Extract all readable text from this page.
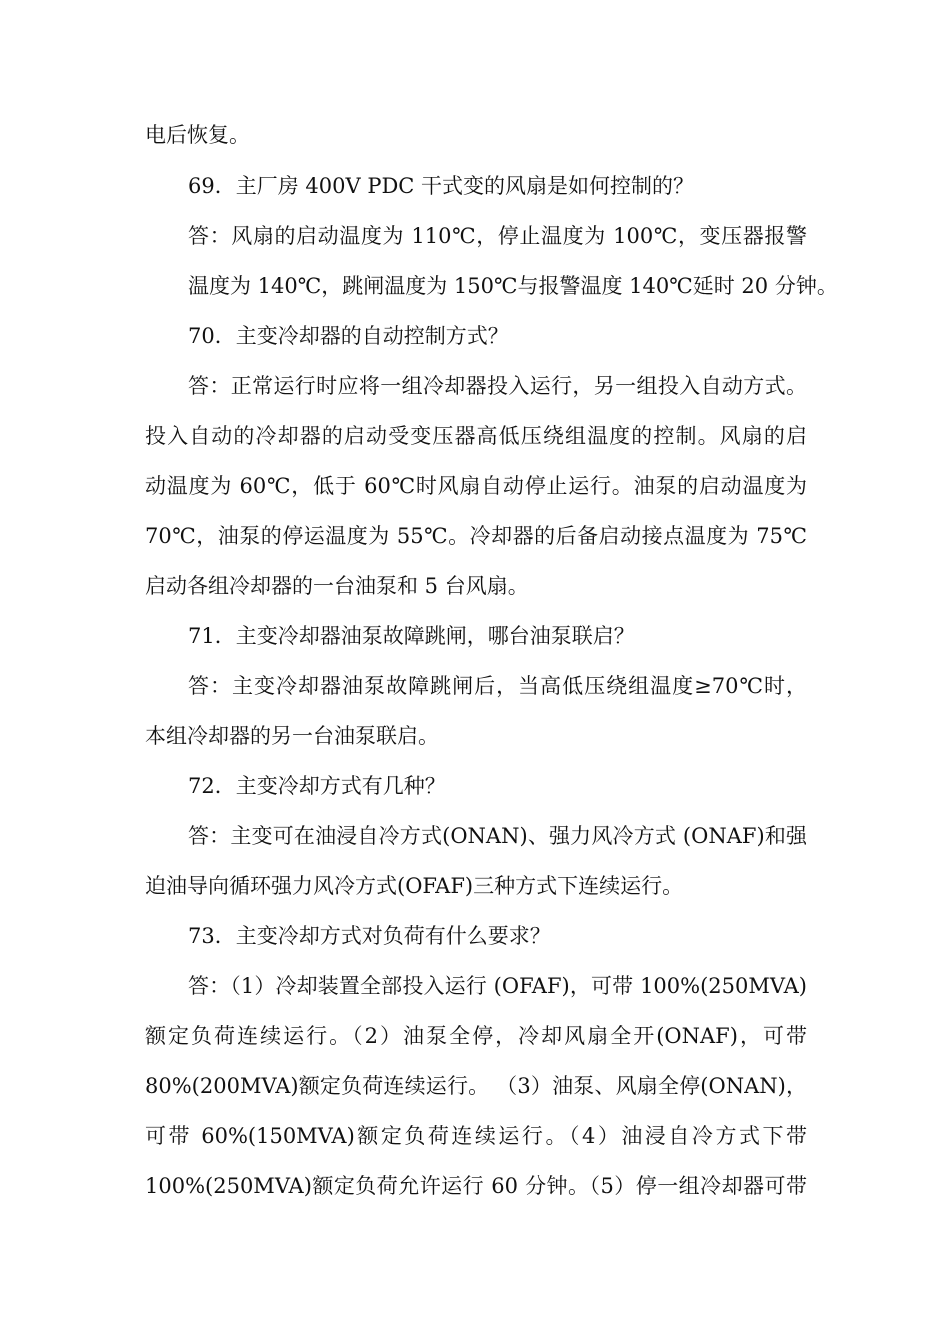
电后恢复。
69．主厂房 400V PDC 干式变的风扇是如何控制的？
答：风扇的启动温度为 110℃，停止温度为 100℃，变压器报警
温度为 140℃，跳闸温度为 150℃与报警温度 140℃延时 20 分钟。
70．主变冷却器的自动控制方式？
答：正常运行时应将一组冷却器投入运行，另一组投入自动方式。
投入自动的冷却器的启动受变压器高低压绕组温度的控制。风扇的启
动温度为 60℃，低于 60℃时风扇自动停止运行。油泵的启动温度为
70℃，油泵的停运温度为 55℃。冷却器的后备启动接点温度为 75℃
启动各组冷却器的一台油泵和 5 台风扇。
71．主变冷却器油泵故障跳闸，哪台油泵联启？
答：主变冷却器油泵故障跳闸后，当高低压绕组温度≥70℃时，
本组冷却器的另一台油泵联启。
72．主变冷却方式有几种？
答：主变可在油浸自冷方式(ONAN)、强力风冷方式 (ONAF)和强
迫油导向循环强力风冷方式(OFAF)三种方式下连续运行。
73．主变冷却方式对负荷有什么要求？
答：（1）冷却装置全部投入运行 (OFAF)，可带 100%(250MVA)
额定负荷连续运行。（2）油泵全停，冷却风扇全开(ONAF)，可带
80%(200MVA)额定负荷连续运行。 （3）油泵、风扇全停(ONAN)，
可带 60%(150MVA)额定负荷连续运行。（4）油浸自冷方式下带
100%(250MVA)额定负荷允许运行 60 分钟。（5）停一组冷却器可带
